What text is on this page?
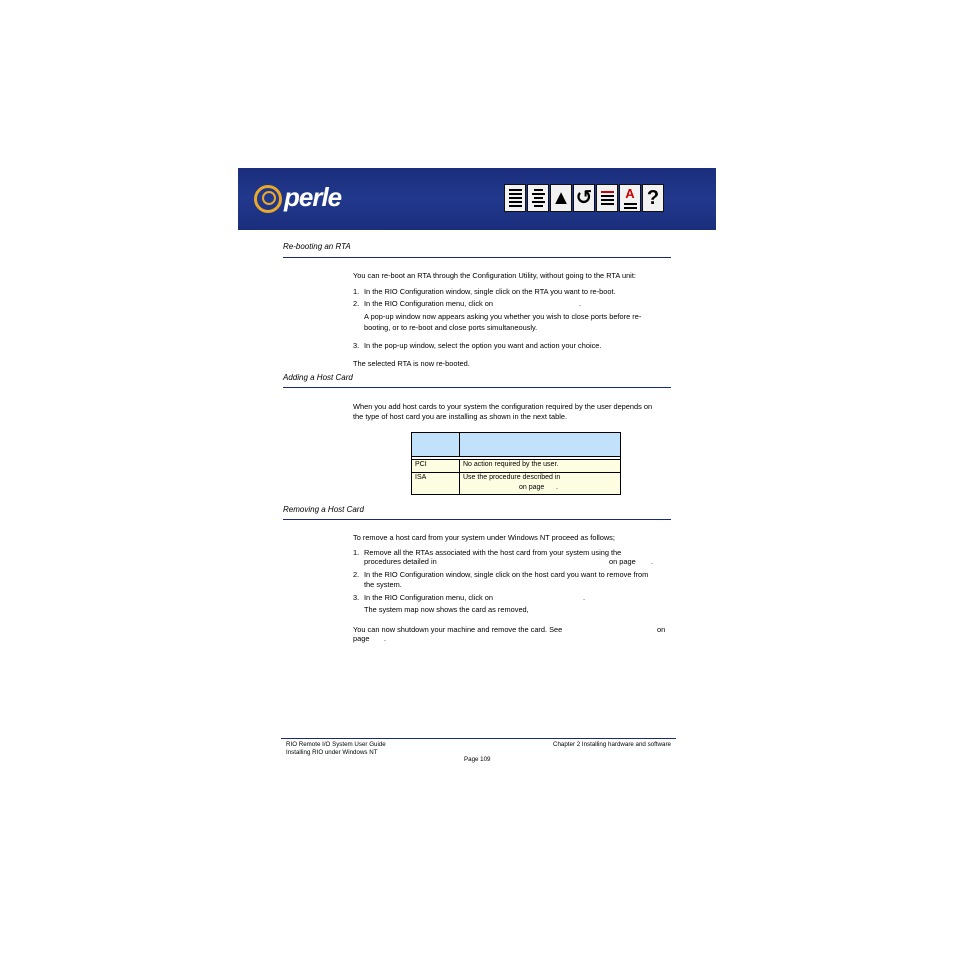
perle	▲ ↺	A ?
Re-booting an RTA
You can re-boot an RTA through the Configuration Utility, without going to the RTA unit:
1. In the RIO Configuration window, single click on the RTA you want to re-boot.
2. In the RIO Configuration menu, click on	.
A pop-up window now appears asking you whether you wish to close ports before re-
booting, or to re-boot and close ports simultaneously.
3. In the pop-up window, select the option you want and action your choice.
The selected RTA is now re-booted.
Adding a Host Card
When you add host cards to your system the configuration required by the user depends on
the type of host card you are installing as shown in the next table.
PCI	No action required by the user.
ISA	Use the procedure described in
on page .
Removing a Host Card
To remove a host card from your system under Windows NT proceed as follows;
1. Remove all the RTAs associated with the host card from your system using the
procedures detailed in	on page .
2. In the RIO Configuration window, single click on the host card you want to remove from
the system.
3. In the RIO Configuration menu, click on	.
The system map now shows the card as removed,
You can now shutdown your machine and remove the card. See	on
page .
RIO Remote I/O System User Guide
Installing RIO under Windows NT
Chapter 2 Installing hardware and software
Page 109
